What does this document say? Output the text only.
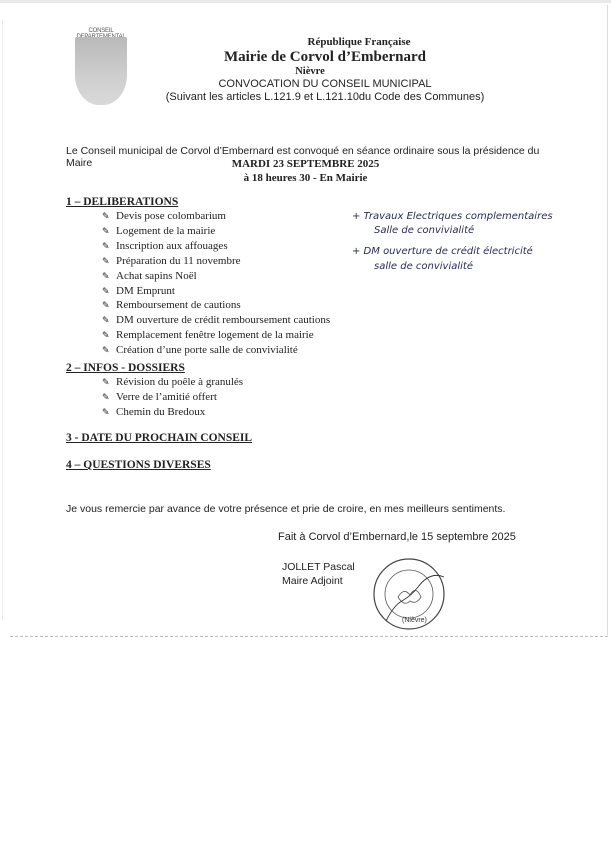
CONSEIL
République Française
Mairie de Corvol d’Embernard
Nièvre
CONVOCATION DU CONSEIL MUNICIPAL
(Suivant les articles L.121.9 et L.121.10du Code des Communes)
Le Conseil municipal de Corvol d’Embernard est convoqué en séance ordinaire sous la présidence du Maire	MARDI 23 SEPTEMBRE 2025
à 18 heures 30 - En Mairie
1 – DELIBERATIONS
✎ Devis pose colombarium
✎ Logement de la mairie
✎ Inscription aux affouages
✎ Préparation du 11 novembre
✎ Achat sapins Noël
✎ DM Emprunt
✎ Remboursement de cautions
✎ DM ouverture de crédit remboursement cautions
✎ Remplacement fenêtre logement de la mairie
✎ Création d’une porte salle de convivialité
2 – INFOS - DOSSIERS
✎ Révision du poêle à granulés
✎ Verre de l’amitié offert
✎ Chemin du Bredoux
3 - DATE DU PROCHAIN CONSEIL
4 – QUESTIONS DIVERSES
+ Travaux Electriques complementaires
Salle de convivialité
+ DM ouverture de crédit électricité
salle de convivialité
Je vous remercie par avance de votre présence et prie de croire, en mes meilleurs sentiments.
Fait à Corvol d’Embernard,le 15 septembre 2025
JOLLET Pascal
Maire Adjoint
(Nièvre)
